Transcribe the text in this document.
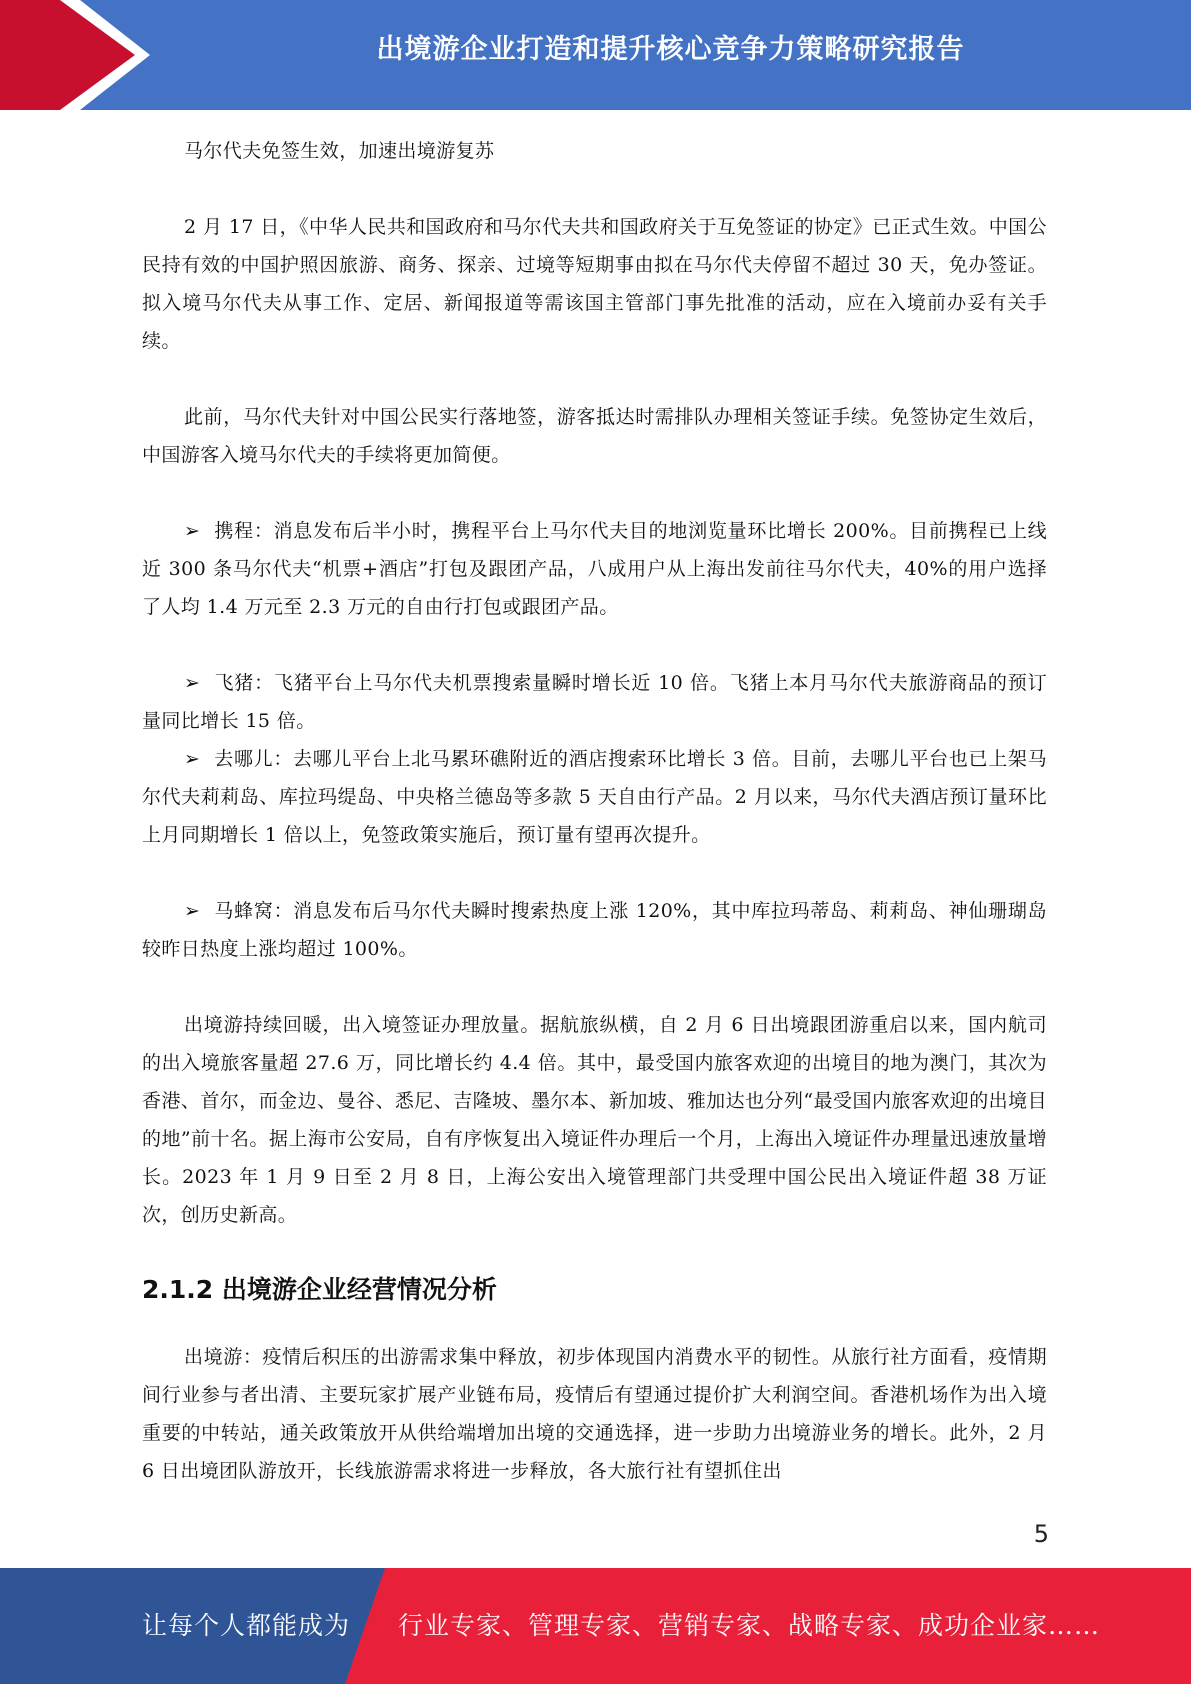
出境游企业打造和提升核心竞争力策略研究报告

马尔代夫免签生效，加速出境游复苏

2 月 17 日，《中华人民共和国政府和马尔代夫共和国政府关于互免签证的协定》已正式生效。中国公民持有效的中国护照因旅游、商务、探亲、过境等短期事由拟在马尔代夫停留不超过 30 天，免办签证。拟入境马尔代夫从事工作、定居、新闻报道等需该国主管部门事先批准的活动，应在入境前办妥有关手续。

此前，马尔代夫针对中国公民实行落地签，游客抵达时需排队办理相关签证手续。免签协定生效后，中国游客入境马尔代夫的手续将更加简便。

➢ 携程：消息发布后半小时，携程平台上马尔代夫目的地浏览量环比增长 200%。目前携程已上线近 300 条马尔代夫“机票+酒店”打包及跟团产品，八成用户从上海出发前往马尔代夫，40%的用户选择了人均 1.4 万元至 2.3 万元的自由行打包或跟团产品。

➢ 飞猪：飞猪平台上马尔代夫机票搜索量瞬时增长近 10 倍。飞猪上本月马尔代夫旅游商品的预订量同比增长 15 倍。

➢ 去哪儿：去哪儿平台上北马累环礁附近的酒店搜索环比增长 3 倍。目前，去哪儿平台也已上架马尔代夫莉莉岛、库拉玛缇岛、中央格兰德岛等多款 5 天自由行产品。2 月以来，马尔代夫酒店预订量环比上月同期增长 1 倍以上，免签政策实施后，预订量有望再次提升。

➢ 马蜂窝：消息发布后马尔代夫瞬时搜索热度上涨 120%，其中库拉玛蒂岛、莉莉岛、神仙珊瑚岛较昨日热度上涨均超过 100%。

出境游持续回暖，出入境签证办理放量。据航旅纵横，自 2 月 6 日出境跟团游重启以来，国内航司的出入境旅客量超 27.6 万，同比增长约 4.4 倍。其中，最受国内旅客欢迎的出境目的地为澳门，其次为香港、首尔，而金边、曼谷、悉尼、吉隆坡、墨尔本、新加坡、雅加达也分列“最受国内旅客欢迎的出境目的地”前十名。据上海市公安局，自有序恢复出入境证件办理后一个月，上海出入境证件办理量迅速放量增长。2023 年 1 月 9 日至 2 月 8 日，上海公安出入境管理部门共受理中国公民出入境证件超 38 万证次，创历史新高。

2.1.2 出境游企业经营情况分析

出境游：疫情后积压的出游需求集中释放，初步体现国内消费水平的韧性。从旅行社方面看，疫情期间行业参与者出清、主要玩家扩展产业链布局，疫情后有望通过提价扩大利润空间。香港机场作为出入境重要的中转站，通关政策放开从供给端增加出境的交通选择，进一步助力出境游业务的增长。此外，2 月 6 日出境团队游放开，长线旅游需求将进一步释放，各大旅行社有望抓住出

5
让每个人都能成为 行业专家、管理专家、营销专家、战略专家、成功企业家……
